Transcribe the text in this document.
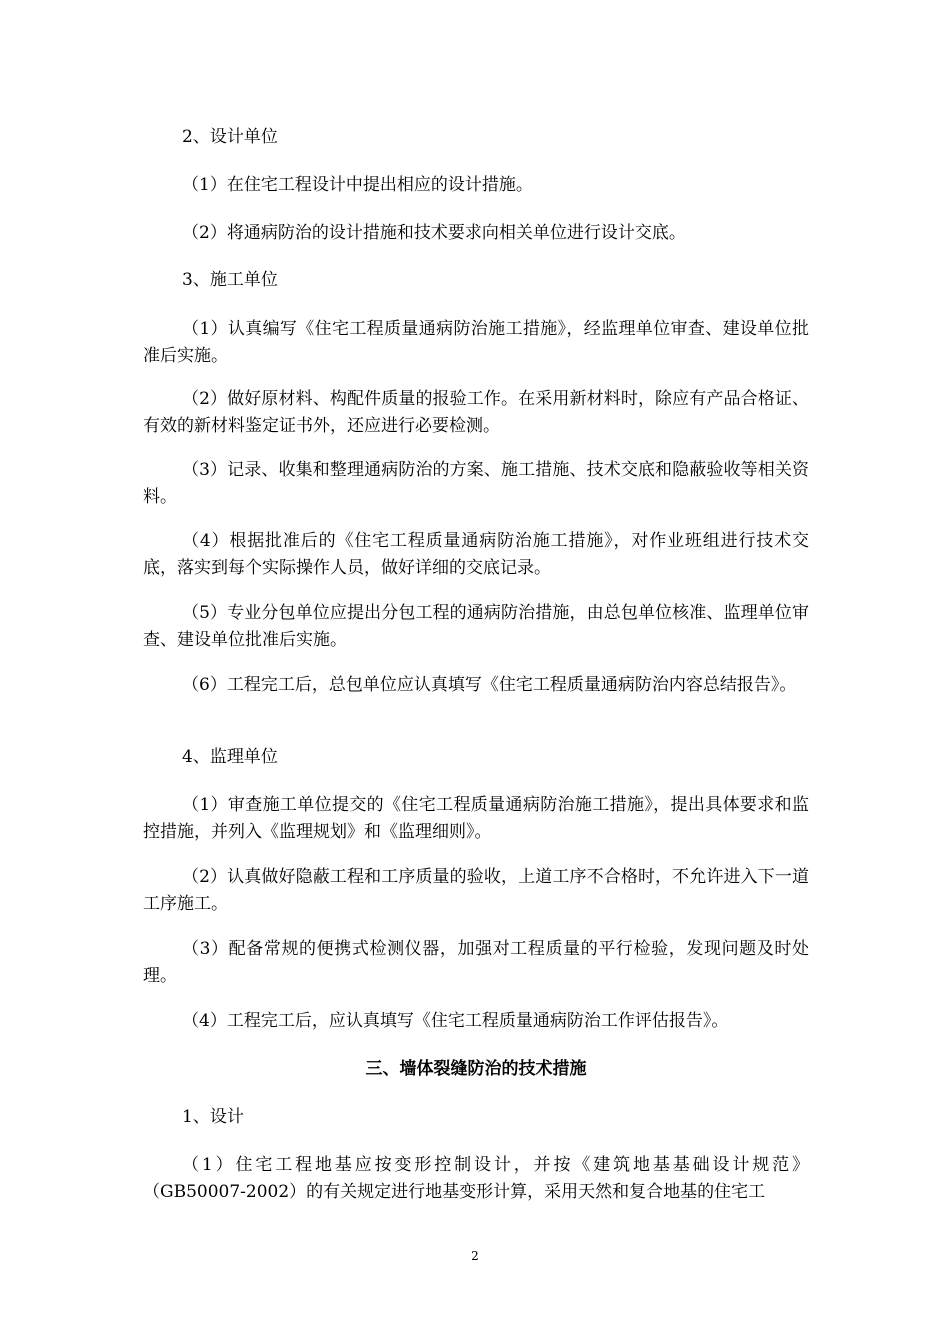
2、设计单位
（1）在住宅工程设计中提出相应的设计措施。
（2）将通病防治的设计措施和技术要求向相关单位进行设计交底。
3、施工单位
（1）认真编写《住宅工程质量通病防治施工措施》，经监理单位审查、建设单位批准后实施。
（2）做好原材料、构配件质量的报验工作。在采用新材料时，除应有产品合格证、有效的新材料鉴定证书外，还应进行必要检测。
（3）记录、收集和整理通病防治的方案、施工措施、技术交底和隐蔽验收等相关资料。
（4）根据批准后的《住宅工程质量通病防治施工措施》，对作业班组进行技术交底，落实到每个实际操作人员，做好详细的交底记录。
（5）专业分包单位应提出分包工程的通病防治措施，由总包单位核准、监理单位审查、建设单位批准后实施。
（6）工程完工后，总包单位应认真填写《住宅工程质量通病防治内容总结报告》。
4、监理单位
（1）审查施工单位提交的《住宅工程质量通病防治施工措施》，提出具体要求和监控措施，并列入《监理规划》和《监理细则》。
（2）认真做好隐蔽工程和工序质量的验收，上道工序不合格时，不允许进入下一道工序施工。
（3）配备常规的便携式检测仪器，加强对工程质量的平行检验，发现问题及时处理。
（4）工程完工后，应认真填写《住宅工程质量通病防治工作评估报告》。
三、墙体裂缝防治的技术措施
1、设计
（1）住宅工程地基应按变形控制设计，并按《建筑地基基础设计规范》（GB50007-2002）的有关规定进行地基变形计算，采用天然和复合地基的住宅工
2
